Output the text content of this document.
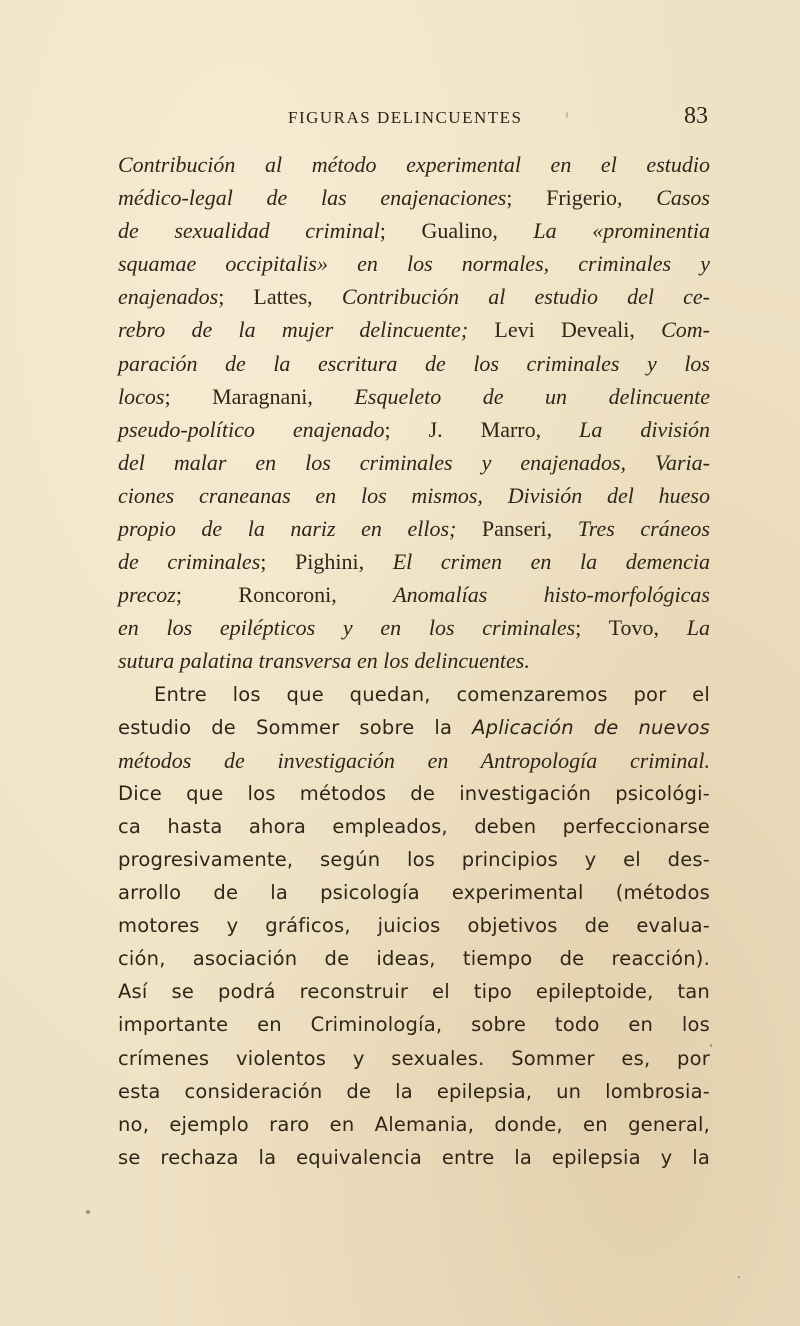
FIGURAS DELINCUENTES	83
Contribución al método experimental en el estudio
médico-legal de las enajenaciones; Frigerio, Casos
de sexualidad criminal; Gualino, La «prominentia
squamae occipitalis» en los normales, criminales y
enajenados; Lattes, Contribución al estudio del ce-
rebro de la mujer delincuente; Levi Deveali, Com-
paración de la escritura de los criminales y los
locos; Maragnani, Esqueleto de un delincuente
pseudo-político enajenado; J. Marro, La división
del malar en los criminales y enajenados, Varia-
ciones craneanas en los mismos, División del hueso
propio de la nariz en ellos; Panseri, Tres cráneos
de criminales; Pighini, El crimen en la demencia
precoz; Roncoroni, Anomalías histo-morfológicas
en los epilépticos y en los criminales; Tovo, La
sutura palatina transversa en los delincuentes.
Entre los que quedan, comenzaremos por el
estudio de Sommer sobre la Aplicación de nuevos
métodos de investigación en Antropología criminal.
Dice que los métodos de investigación psicológi-
ca hasta ahora empleados, deben perfeccionarse
progresivamente, según los principios y el des-
arrollo de la psicología experimental (métodos
motores y gráficos, juicios objetivos de evalua-
ción, asociación de ideas, tiempo de reacción).
Así se podrá reconstruir el tipo epileptoide, tan
importante en Criminología, sobre todo en los
crímenes violentos y sexuales. Sommer es, por
esta consideración de la epilepsia, un lombrosia-
no, ejemplo raro en Alemania, donde, en general,
se rechaza la equivalencia entre la epilepsia y la
